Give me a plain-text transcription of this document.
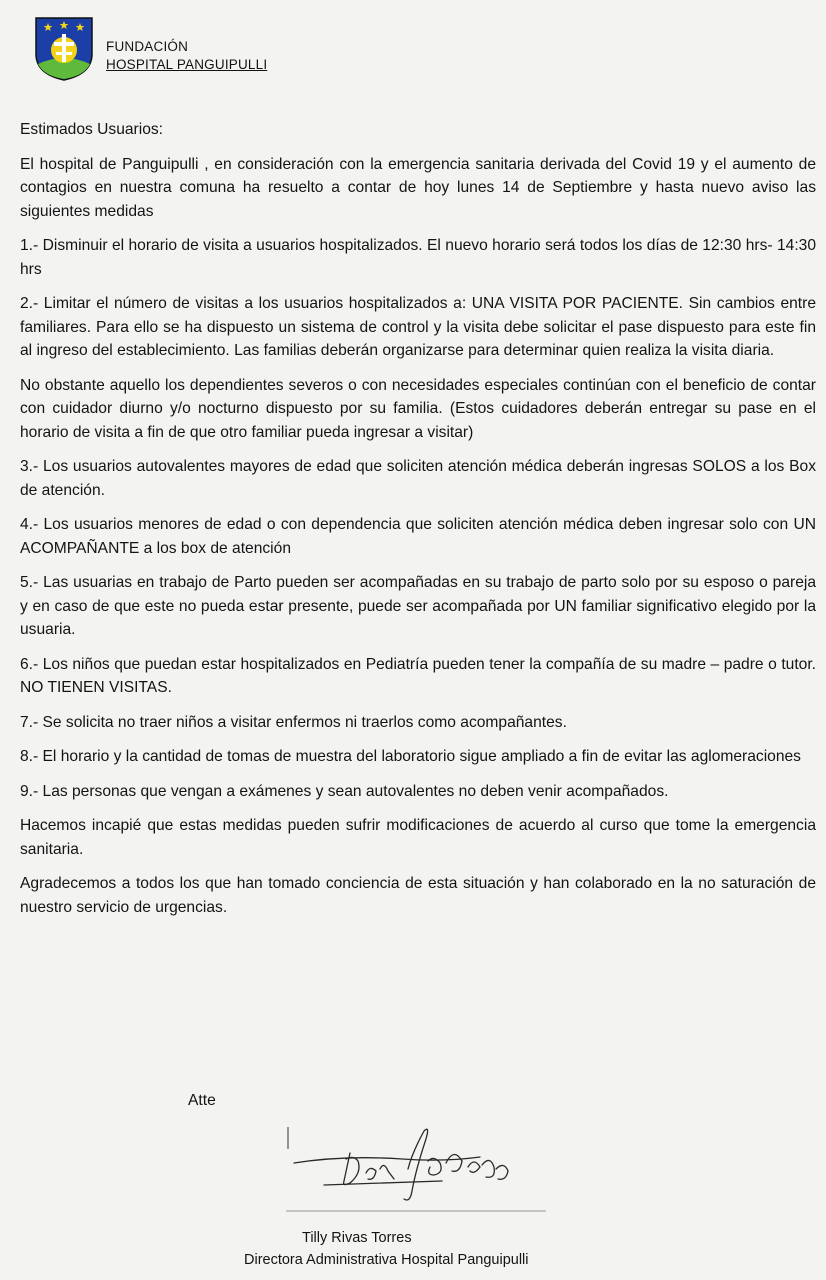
FUNDACIÓN
HOSPITAL PANGUIPULLI

Estimados Usuarios:

El hospital de Panguipulli , en consideración con la emergencia sanitaria derivada del Covid 19 y el aumento de contagios en nuestra comuna ha resuelto a contar de hoy lunes 14 de Septiembre y hasta nuevo aviso las siguientes medidas

1.- Disminuir el horario de visita a usuarios hospitalizados. El nuevo horario será todos los días de 12:30 hrs- 14:30 hrs

2.- Limitar el número de visitas a los usuarios hospitalizados a: UNA VISITA POR PACIENTE. Sin cambios entre familiares. Para ello se ha dispuesto un sistema de control y la visita debe solicitar el pase dispuesto para este fin al ingreso del establecimiento. Las familias deberán organizarse para determinar quien realiza la visita diaria.

No obstante aquello los dependientes severos o con necesidades especiales continúan con el beneficio de contar con cuidador diurno y/o nocturno dispuesto por su familia. (Estos cuidadores deberán entregar su pase en el horario de visita a fin de que otro familiar pueda ingresar a visitar)

3.- Los usuarios autovalentes mayores de edad que soliciten atención médica deberán ingresas SOLOS a los Box de atención.

4.- Los usuarios menores de edad o con dependencia que soliciten atención médica deben ingresar solo con UN ACOMPAÑANTE a los box de atención

5.- Las usuarias en trabajo de Parto pueden ser acompañadas en su trabajo de parto solo por su esposo o pareja y en caso de que este no pueda estar presente, puede ser acompañada por UN familiar significativo elegido por la usuaria.

6.- Los niños que puedan estar hospitalizados en Pediatría pueden tener la compañía de su madre – padre o tutor. NO TIENEN VISITAS.

7.- Se solicita no traer niños a visitar enfermos ni traerlos como acompañantes.

8.- El horario y la cantidad de tomas de muestra del laboratorio sigue ampliado a fin de evitar las aglomeraciones

9.- Las personas que vengan a exámenes y sean autovalentes no deben venir acompañados.

Hacemos incapié que estas medidas pueden sufrir modificaciones de acuerdo al curso que tome la emergencia sanitaria.

Agradecemos a todos los que han tomado conciencia de esta situación y han colaborado en la no saturación de nuestro servicio de urgencias.

Atte
Tilly Rivas Torres
Directora Administrativa Hospital Panguipulli
